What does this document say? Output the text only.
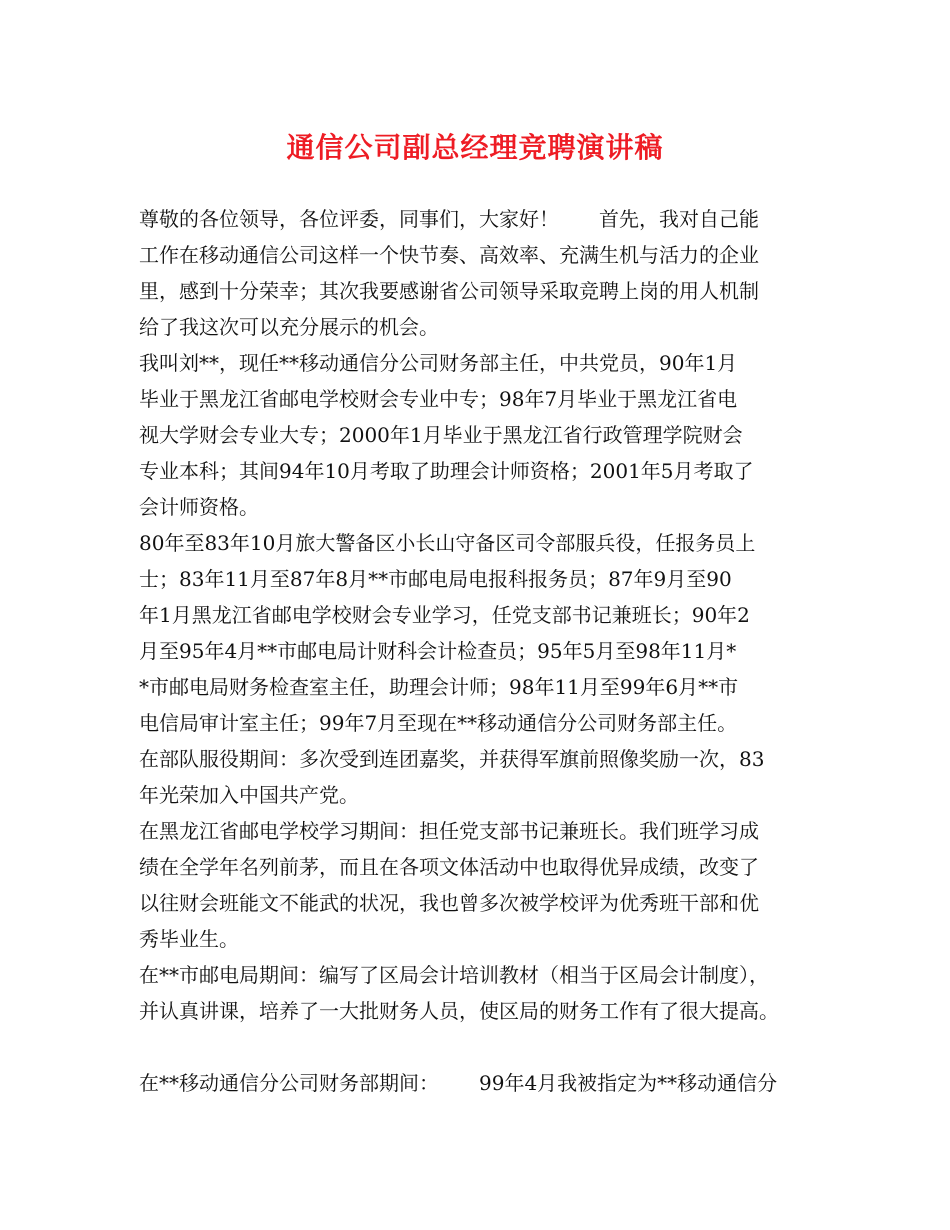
通信公司副总经理竞聘演讲稿
尊敬的各位领导，各位评委，同事们，大家好！ 首先，我对自己能
工作在移动通信公司这样一个快节奏、高效率、充满生机与活力的企业
里，感到十分荣幸；其次我要感谢省公司领导采取竞聘上岗的用人机制
给了我这次可以充分展示的机会。
我叫刘**，现任**移动通信分公司财务部主任，中共党员，90年1月
毕业于黑龙江省邮电学校财会专业中专；98年7月毕业于黑龙江省电
视大学财会专业大专；2000年1月毕业于黑龙江省行政管理学院财会
专业本科；其间94年10月考取了助理会计师资格；2001年5月考取了
会计师资格。
80年至83年10月旅大警备区小长山守备区司令部服兵役，任报务员上
士；83年11月至87年8月**市邮电局电报科报务员；87年9月至90
年1月黑龙江省邮电学校财会专业学习，任党支部书记兼班长；90年2
月至95年4月**市邮电局计财科会计检查员；95年5月至98年11月*
*市邮电局财务检查室主任，助理会计师；98年11月至99年6月**市
电信局审计室主任；99年7月至现在**移动通信分公司财务部主任。
在部队服役期间：多次受到连团嘉奖，并获得军旗前照像奖励一次，83
年光荣加入中国共产党。
在黑龙江省邮电学校学习期间：担任党支部书记兼班长。我们班学习成
绩在全学年名列前茅，而且在各项文体活动中也取得优异成绩，改变了
以往财会班能文不能武的状况，我也曾多次被学校评为优秀班干部和优
秀毕业生。
在**市邮电局期间：编写了区局会计培训教材（相当于区局会计制度），
并认真讲课，培养了一大批财务人员，使区局的财务工作有了很大提高。
在**移动通信分公司财务部期间： 99年4月我被指定为**移动通信分
